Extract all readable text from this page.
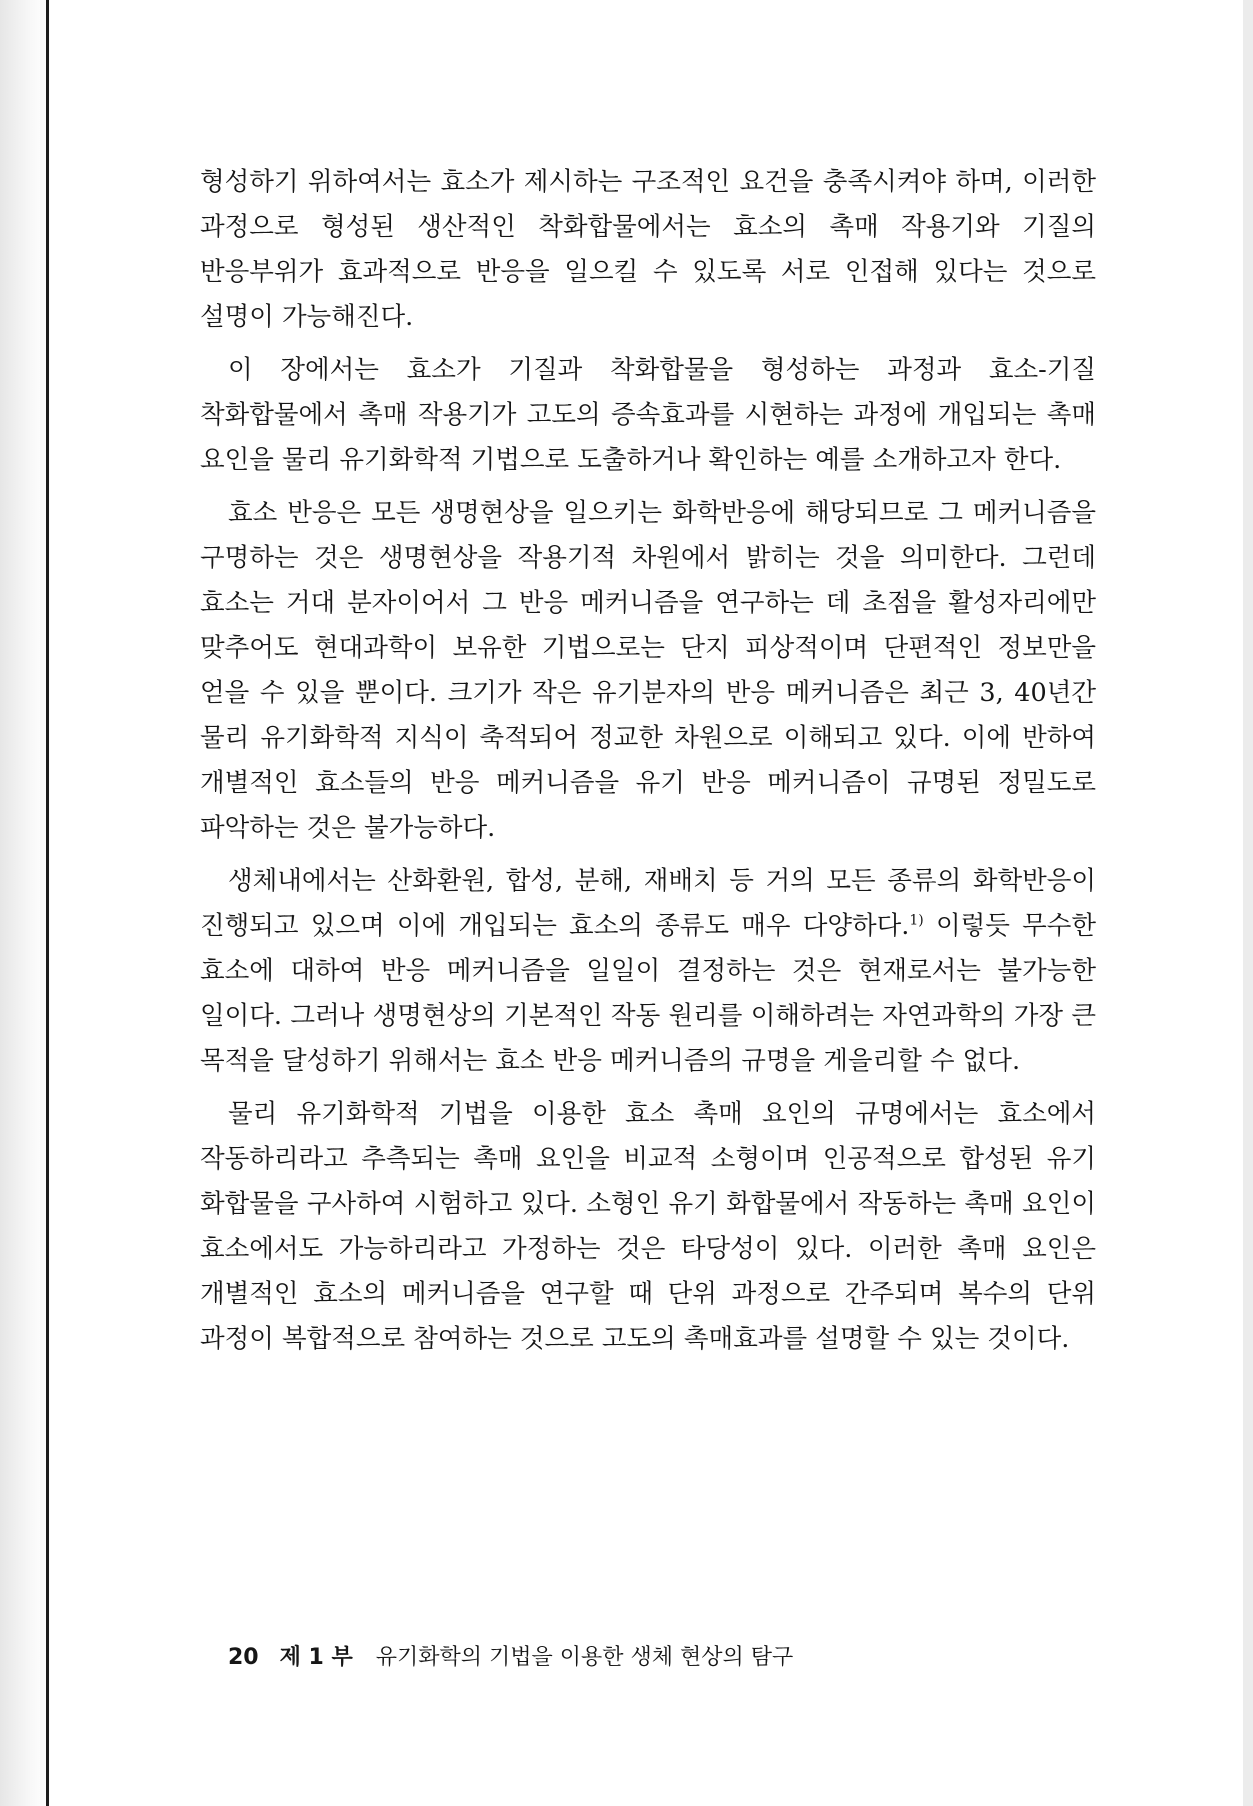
형성하기 위하여서는 효소가 제시하는 구조적인 요건을 충족시켜야 하며, 이러한 과정으로 형성된 생산적인 착화합물에서는 효소의 촉매 작용기와 기질의 반응부위가 효과적으로 반응을 일으킬 수 있도록 서로 인접해 있다는 것으로 설명이 가능해진다.

이 장에서는 효소가 기질과 착화합물을 형성하는 과정과 효소-기질 착화합물에서 촉매 작용기가 고도의 증속효과를 시현하는 과정에 개입되는 촉매 요인을 물리 유기화학적 기법으로 도출하거나 확인하는 예를 소개하고자 한다.

효소 반응은 모든 생명현상을 일으키는 화학반응에 해당되므로 그 메커니즘을 구명하는 것은 생명현상을 작용기적 차원에서 밝히는 것을 의미한다. 그런데 효소는 거대 분자이어서 그 반응 메커니즘을 연구하는 데 초점을 활성자리에만 맞추어도 현대과학이 보유한 기법으로는 단지 피상적이며 단편적인 정보만을 얻을 수 있을 뿐이다. 크기가 작은 유기분자의 반응 메커니즘은 최근 3, 40년간 물리 유기화학적 지식이 축적되어 정교한 차원으로 이해되고 있다. 이에 반하여 개별적인 효소들의 반응 메커니즘을 유기 반응 메커니즘이 규명된 정밀도로 파악하는 것은 불가능하다.

생체내에서는 산화환원, 합성, 분해, 재배치 등 거의 모든 종류의 화학반응이 진행되고 있으며 이에 개입되는 효소의 종류도 매우 다양하다.$^{1)}$ 이렇듯 무수한 효소에 대하여 반응 메커니즘을 일일이 결정하는 것은 현재로서는 불가능한 일이다. 그러나 생명현상의 기본적인 작동 원리를 이해하려는 자연과학의 가장 큰 목적을 달성하기 위해서는 효소 반응 메커니즘의 규명을 게을리할 수 없다.

물리 유기화학적 기법을 이용한 효소 촉매 요인의 규명에서는 효소에서 작동하리라고 추측되는 촉매 요인을 비교적 소형이며 인공적으로 합성된 유기 화합물을 구사하여 시험하고 있다. 소형인 유기 화합물에서 작동하는 촉매 요인이 효소에서도 가능하리라고 가정하는 것은 타당성이 있다. 이러한 촉매 요인은 개별적인 효소의 메커니즘을 연구할 때 단위 과정으로 간주되며 복수의 단위 과정이 복합적으로 참여하는 것으로 고도의 촉매효과를 설명할 수 있는 것이다.

20 제 1 부 유기화학의 기법을 이용한 생체 현상의 탐구
